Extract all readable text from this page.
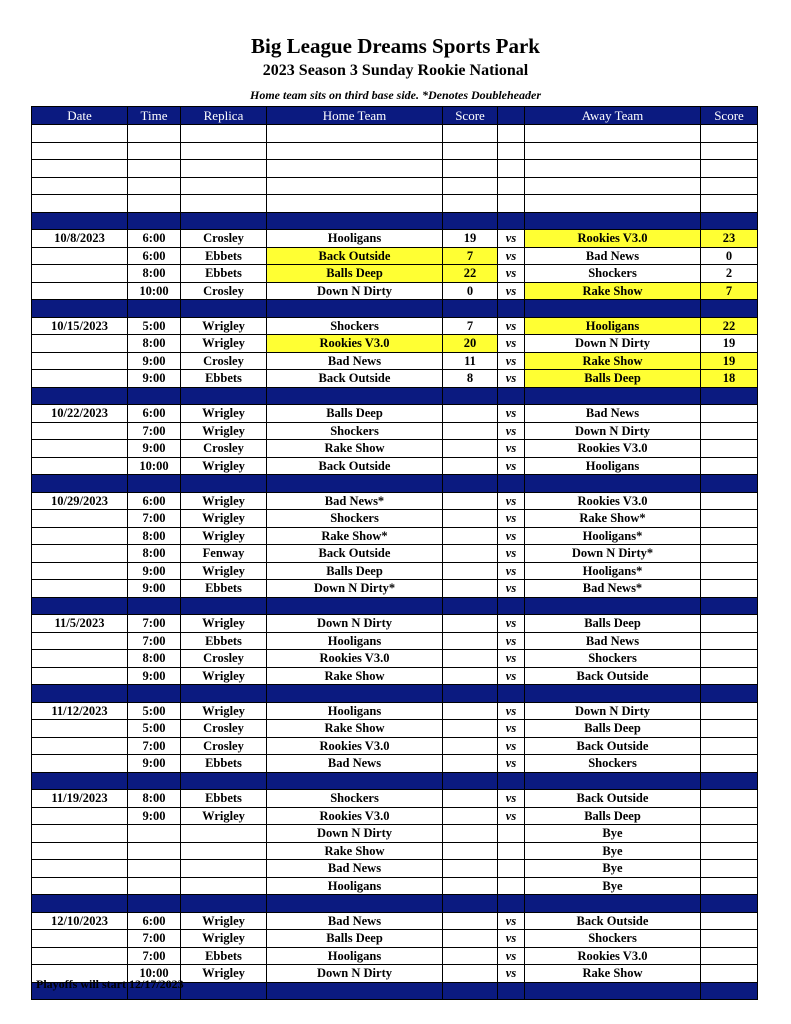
Big League Dreams Sports Park
2023 Season 3 Sunday Rookie National
Home team sits on third base side. *Denotes Doubleheader
Date	Time	Replica	Home Team	Score		Away Team	Score

10/8/2023	6:00	Crosley	Hooligans	19	vs	Rookies V3.0	23
	6:00	Ebbets	Back Outside	7	vs	Bad News	0
	8:00	Ebbets	Balls Deep	22	vs	Shockers	2
	10:00	Crosley	Down N Dirty	0	vs	Rake Show	7

10/15/2023	5:00	Wrigley	Shockers	7	vs	Hooligans	22
	8:00	Wrigley	Rookies V3.0	20	vs	Down N Dirty	19
	9:00	Crosley	Bad News	11	vs	Rake Show	19
	9:00	Ebbets	Back Outside	8	vs	Balls Deep	18

10/22/2023	6:00	Wrigley	Balls Deep		vs	Bad News	
	7:00	Wrigley	Shockers		vs	Down N Dirty	
	9:00	Crosley	Rake Show		vs	Rookies V3.0	
	10:00	Wrigley	Back Outside		vs	Hooligans	

10/29/2023	6:00	Wrigley	Bad News*		vs	Rookies V3.0	
	7:00	Wrigley	Shockers		vs	Rake Show*	
	8:00	Wrigley	Rake Show*		vs	Hooligans*	
	8:00	Fenway	Back Outside		vs	Down N Dirty*	
	9:00	Wrigley	Balls Deep		vs	Hooligans*	
	9:00	Ebbets	Down N Dirty*		vs	Bad News*	

11/5/2023	7:00	Wrigley	Down N Dirty		vs	Balls Deep	
	7:00	Ebbets	Hooligans		vs	Bad News	
	8:00	Crosley	Rookies V3.0		vs	Shockers	
	9:00	Wrigley	Rake Show		vs	Back Outside	

11/12/2023	5:00	Wrigley	Hooligans		vs	Down N Dirty	
	5:00	Crosley	Rake Show		vs	Balls Deep	
	7:00	Crosley	Rookies V3.0		vs	Back Outside	
	9:00	Ebbets	Bad News		vs	Shockers	

11/19/2023	8:00	Ebbets	Shockers		vs	Back Outside	
	9:00	Wrigley	Rookies V3.0		vs	Balls Deep	
			Down N Dirty			Bye	
			Rake Show			Bye	
			Bad News			Bye	
			Hooligans			Bye	

12/10/2023	6:00	Wrigley	Bad News		vs	Back Outside	
	7:00	Wrigley	Balls Deep		vs	Shockers	
	7:00	Ebbets	Hooligans		vs	Rookies V3.0	
	10:00	Wrigley	Down N Dirty		vs	Rake Show	

Playoffs will start 12/17/2023
